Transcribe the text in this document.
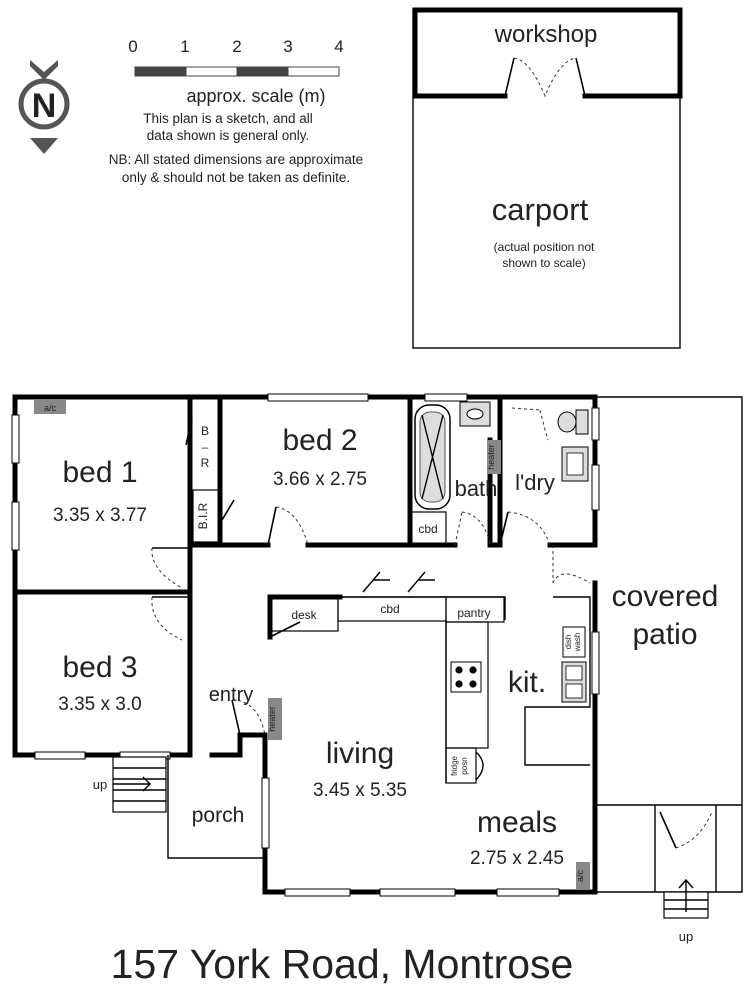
N
0	1	2 3 4
approx. scale (m)
This plan is a sketch, and all
data shown is general only.
NB: All stated dimensions are approximate
only & should not be taken as definite.
workshop
carport
(actual position not
shown to scale)
covered
patio
up
a/c
a/c
B
–
R
B.I.R	cbd
heater
desk	cbd	pantry
fridge posn
dish wash
heater
up
bed 1
3.35 x 3.77
bed 2
3.66 x 2.75
bed 3
3.35 x 3.0
living
3.45 x 5.35
meals
2.75 x 2.45
bath l'dry
kit.
entry
porch
157 York Road, Montrose
